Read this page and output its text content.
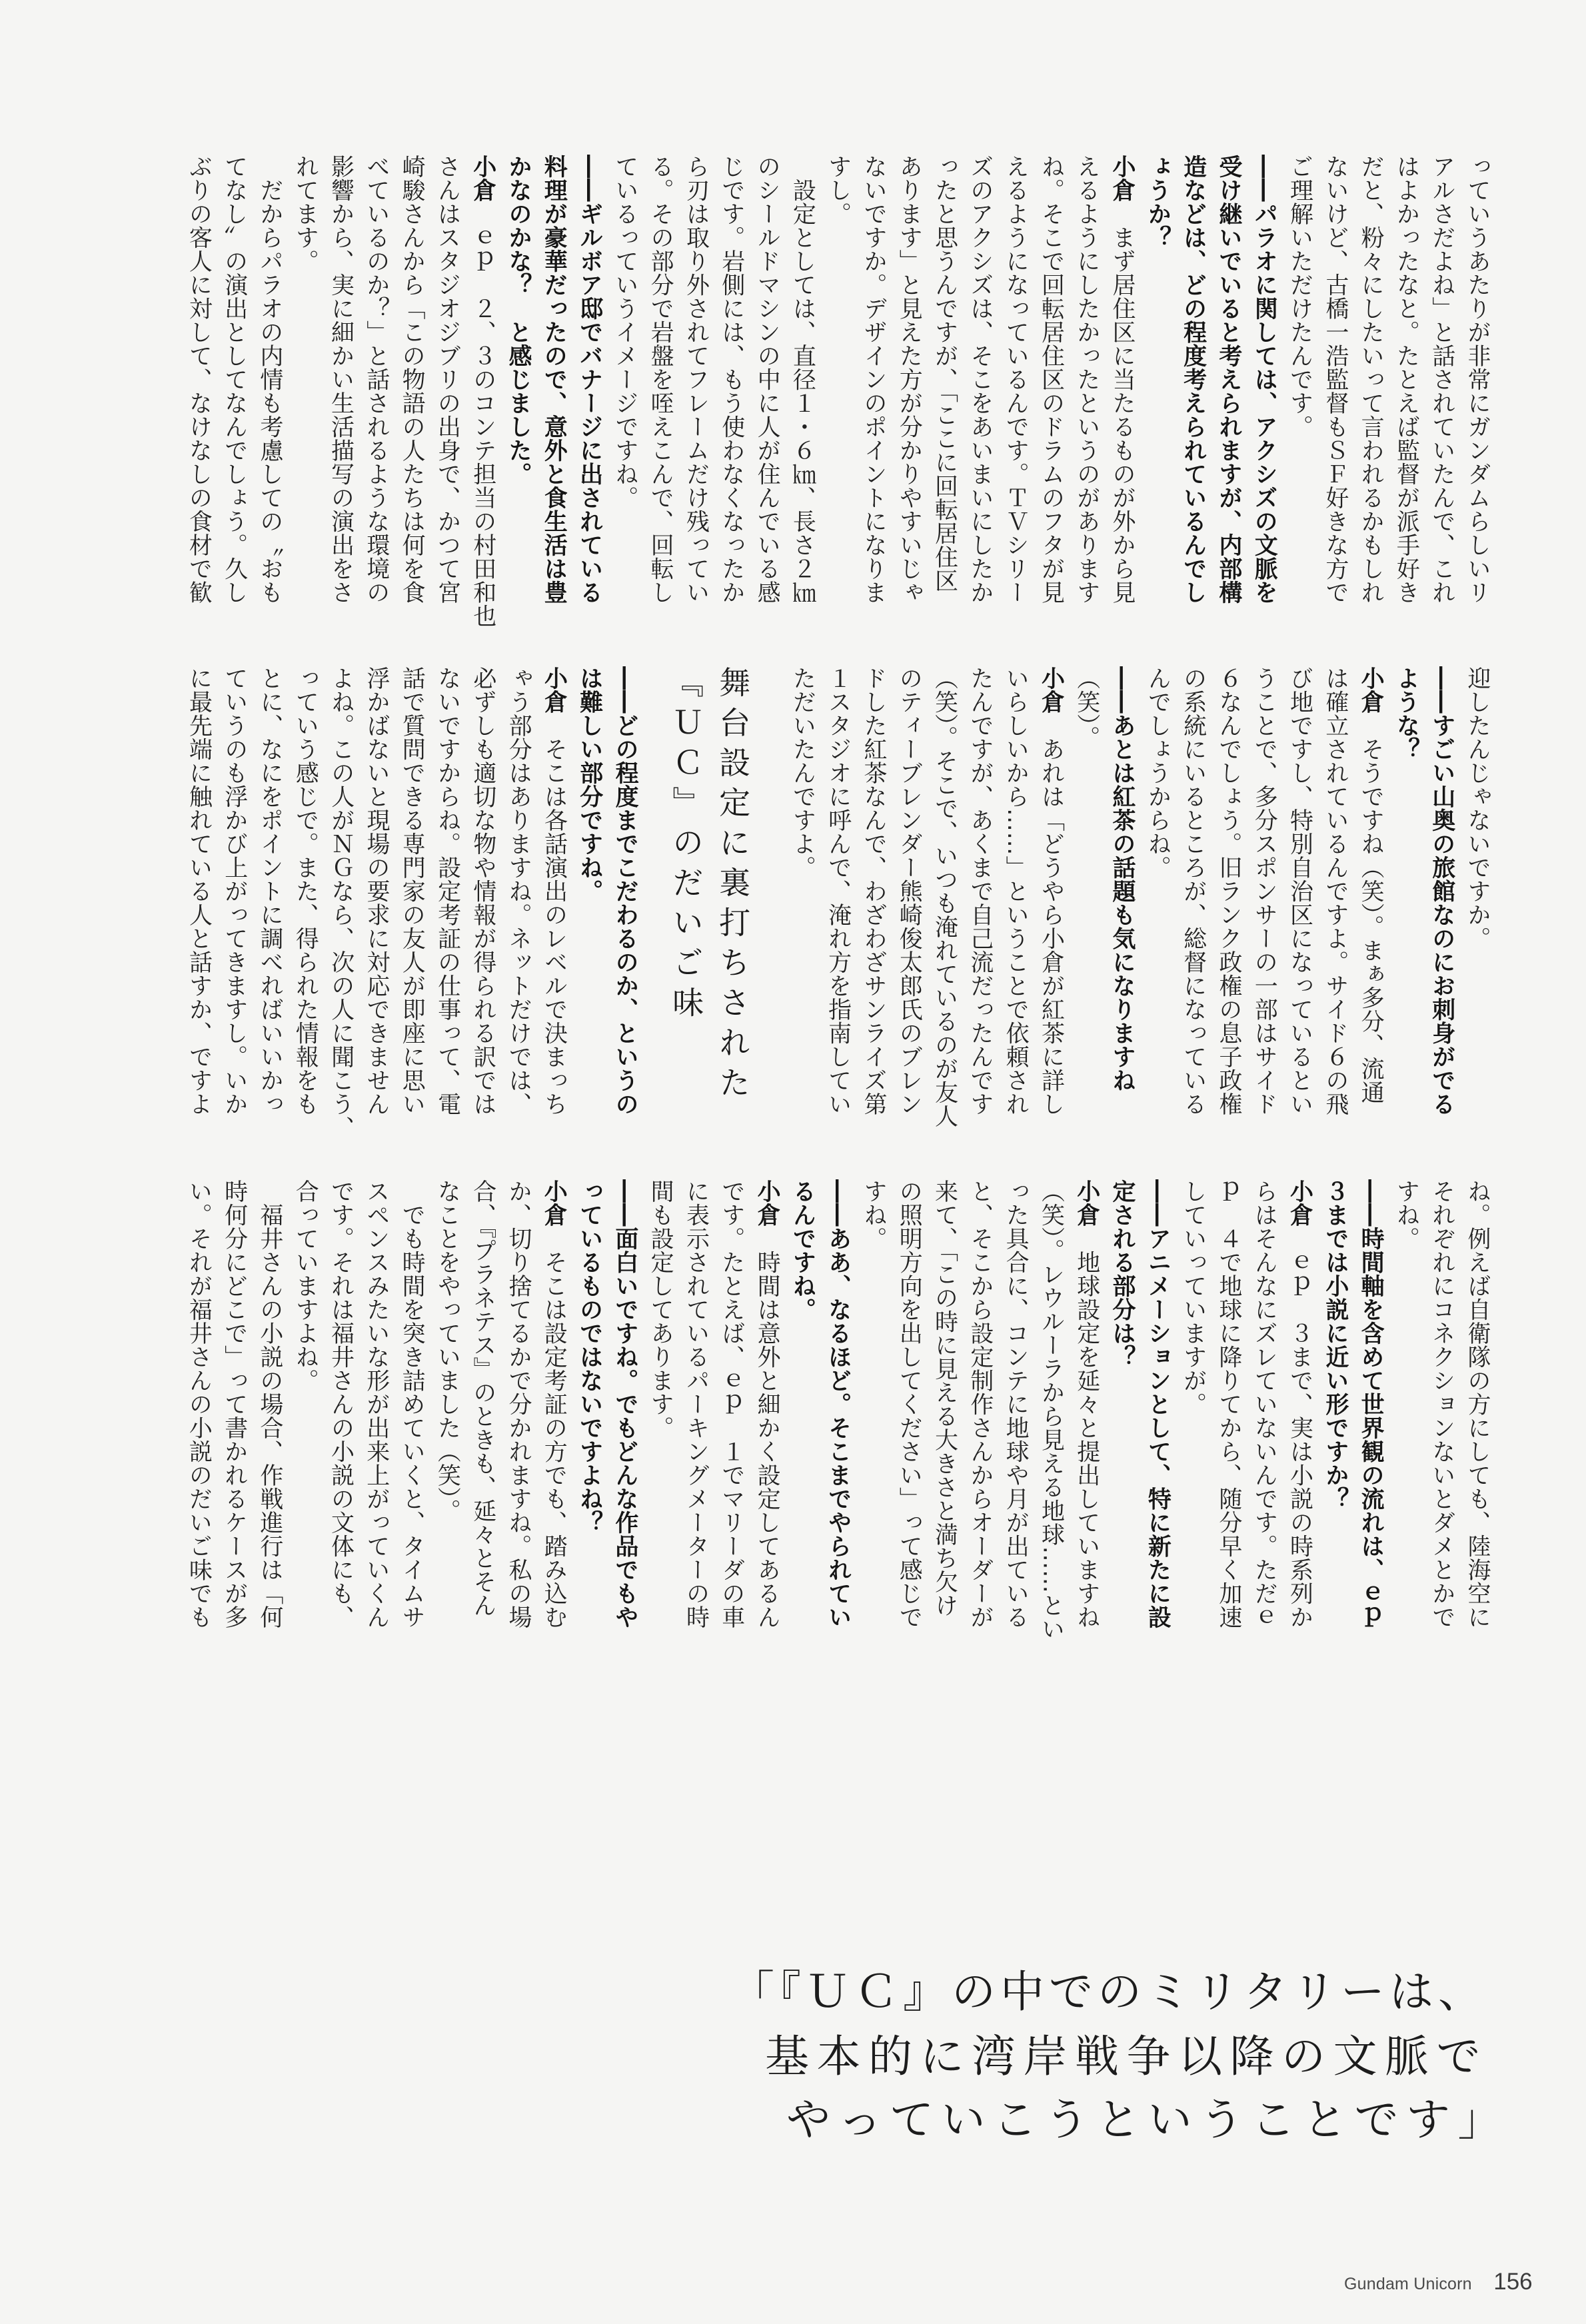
っていうあたりが非常にガンダムらしいリ
アルさだよね」と話されていたんで、これ
はよかったなと。たとえば監督が派手好き
だと、粉々にしたいって言われるかもしれ
ないけど、古橋一浩監督もＳＦ好きな方で
ご理解いただけたんです。
――パラオに関しては、アクシズの文脈を
受け継いでいると考えられますが、内部構
造などは、どの程度考えられているんでし
ょうか？
小倉　まず居住区に当たるものが外から見
えるようにしたかったというのがあります
ね。そこで回転居住区のドラムのフタが見
えるようになっているんです。ＴＶシリー
ズのアクシズは、そこをあいまいにしたか
ったと思うんですが、「ここに回転居住区
あります」と見えた方が分かりやすいじゃ
ないですか。デザインのポイントになりま
すし。
　設定としては、直径１・６㎞、長さ２㎞
のシールドマシンの中に人が住んでいる感
じです。岩側には、もう使わなくなったか
ら刃は取り外されてフレームだけ残ってい
る。その部分で岩盤を咥えこんで、回転し
ているっていうイメージですね。
――ギルボア邸でバナージに出されている
料理が豪華だったので、意外と食生活は豊
かなのかな？　と感じました。
小倉　ｅｐ　２、３のコンテ担当の村田和也
さんはスタジオジブリの出身で、かつて宮
崎駿さんから「この物語の人たちは何を食
べているのか？」と話されるような環境の
影響から、実に細かい生活描写の演出をさ
れてます。
　だからパラオの内情も考慮しての〝おも
てなし〟の演出としてなんでしょう。久し
ぶりの客人に対して、なけなしの食材で歓
迎したんじゃないですか。
――すごい山奥の旅館なのにお刺身がでる
ような？
小倉　そうですね（笑）。まぁ多分、流通
は確立されているんですよ。サイド６の飛
び地ですし、特別自治区になっているとい
うことで、多分スポンサーの一部はサイド
６なんでしょう。旧ランク政権の息子政権
の系統にいるところが、総督になっている
んでしょうからね。
――あとは紅茶の話題も気になりますね
（笑）。
小倉　あれは「どうやら小倉が紅茶に詳し
いらしいから……」ということで依頼され
たんですが、あくまで自己流だったんです
（笑）。そこで、いつも淹れているのが友人
のティーブレンダー熊崎俊太郎氏のブレン
ドした紅茶なんで、わざわざサンライズ第
１スタジオに呼んで、淹れ方を指南してい
ただいたんですよ。
舞台設定に裏打ちされた
『ＵＣ』のだいご味
――どの程度までこだわるのか、というの
は難しい部分ですね。
小倉　そこは各話演出のレベルで決まっち
ゃう部分はありますね。ネットだけでは、
必ずしも適切な物や情報が得られる訳では
ないですからね。設定考証の仕事って、電
話で質問できる専門家の友人が即座に思い
浮かばないと現場の要求に対応できません
よね。この人がＮＧなら、次の人に聞こう、
っていう感じで。また、得られた情報をも
とに、なにをポイントに調べればいいかっ
ていうのも浮かび上がってきますし。いか
に最先端に触れている人と話すか、ですよ
ね。例えば自衛隊の方にしても、陸海空に
それぞれにコネクションないとダメとかで
すね。
――時間軸を含めて世界観の流れは、ｅｐ
３までは小説に近い形ですか？
小倉　ｅｐ　３まで、実は小説の時系列か
らはそんなにズレていないんです。ただｅ
ｐ　４で地球に降りてから、随分早く加速
していっていますが。
――アニメーションとして、特に新たに設
定される部分は？
小倉　地球設定を延々と提出していますね
（笑）。レウルーラから見える地球……とい
った具合に、コンテに地球や月が出ている
と、そこから設定制作さんからオーダーが
来て、「この時に見える大きさと満ち欠け
の照明方向を出してください」って感じで
すね。
――ああ、なるほど。そこまでやられてい
るんですね。
小倉　時間は意外と細かく設定してあるん
です。たとえば、ｅｐ　１でマリーダの車
に表示されているパーキングメーターの時
間も設定してあります。
――面白いですね。でもどんな作品でもや
っているものではないですよね？
小倉　そこは設定考証の方でも、踏み込む
か、切り捨てるかで分かれますね。私の場
合、『プラネテス』のときも、延々とそん
なことをやっていました（笑）。
　でも時間を突き詰めていくと、タイムサ
スペンスみたいな形が出来上がっていくん
です。それは福井さんの小説の文体にも、
合っていますよね。
　福井さんの小説の場合、作戦進行は「何
時何分にどこで」って書かれるケースが多
い。それが福井さんの小説のだいご味でも
「『ＵＣ』の中でのミリタリーは、
基本的に湾岸戦争以降の文脈で
やっていこうということです」
Gundam Unicorn 156
